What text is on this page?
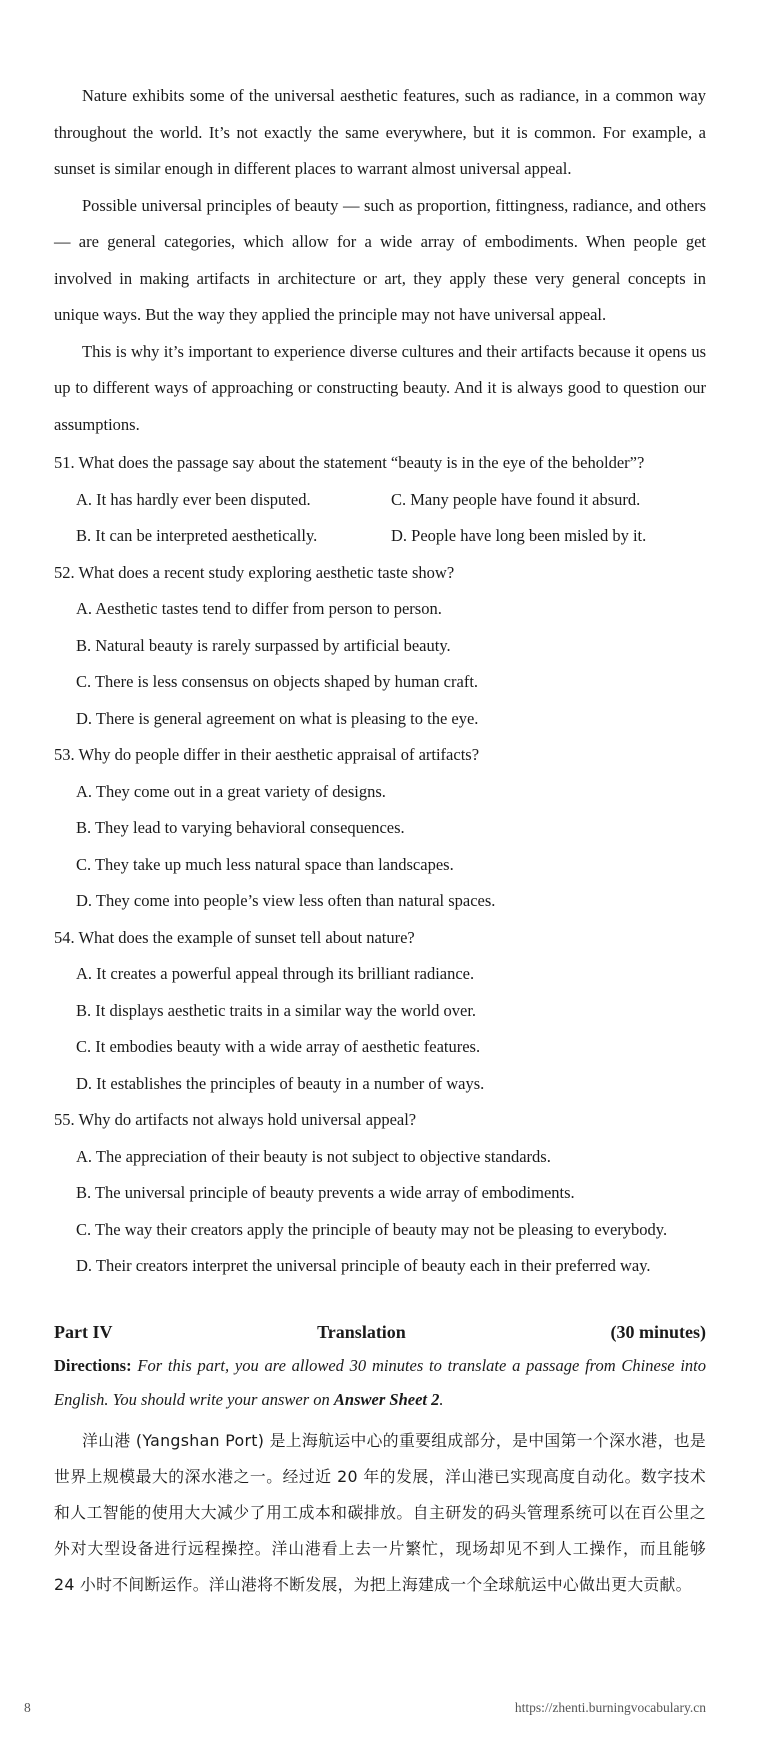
Nature exhibits some of the universal aesthetic features, such as radiance, in a common way throughout the world. It’s not exactly the same everywhere, but it is common. For example, a sunset is similar enough in different places to warrant almost universal appeal.

Possible universal principles of beauty — such as proportion, fittingness, radiance, and others — are general categories, which allow for a wide array of embodiments. When people get involved in making artifacts in architecture or art, they apply these very general concepts in unique ways. But the way they applied the principle may not have universal appeal.

This is why it’s important to experience diverse cultures and their artifacts because it opens us up to different ways of approaching or constructing beauty. And it is always good to question our assumptions.

51. What does the passage say about the statement “beauty is in the eye of the beholder”?

A. It has hardly ever been disputed.	C. Many people have found it absurd.

B. It can be interpreted aesthetically.	D. People have long been misled by it.

52. What does a recent study exploring aesthetic taste show?

A. Aesthetic tastes tend to differ from person to person.

B. Natural beauty is rarely surpassed by artificial beauty.

C. There is less consensus on objects shaped by human craft.

D. There is general agreement on what is pleasing to the eye.

53. Why do people differ in their aesthetic appraisal of artifacts?

A. They come out in a great variety of designs.

B. They lead to varying behavioral consequences.

C. They take up much less natural space than landscapes.

D. They come into people’s view less often than natural spaces.

54. What does the example of sunset tell about nature?

A. It creates a powerful appeal through its brilliant radiance.

B. It displays aesthetic traits in a similar way the world over.

C. It embodies beauty with a wide array of aesthetic features.

D. It establishes the principles of beauty in a number of ways.

55. Why do artifacts not always hold universal appeal?

A. The appreciation of their beauty is not subject to objective standards.

B. The universal principle of beauty prevents a wide array of embodiments.

C. The way their creators apply the principle of beauty may not be pleasing to everybody.

D. Their creators interpret the universal principle of beauty each in their preferred way.

Part IV	Translation	(30 minutes)

Directions: For this part, you are allowed 30 minutes to translate a passage from Chinese into English. You should write your answer on Answer Sheet 2.

洋山港 (Yangshan Port) 是上海航运中心的重要组成部分，是中国第一个深水港，也是世界上规模最大的深水港之一。经过近 20 年的发展，洋山港已实现高度自动化。数字技术和人工智能的使用大大减少了用工成本和碳排放。自主研发的码头管理系统可以在百公里之外对大型设备进行远程操控。洋山港看上去一片繁忙，现场却见不到人工操作，而且能够 24 小时不间断运作。洋山港将不断发展，为把上海建成一个全球航运中心做出更大贡献。

8	https://zhenti.burningvocabulary.cn
